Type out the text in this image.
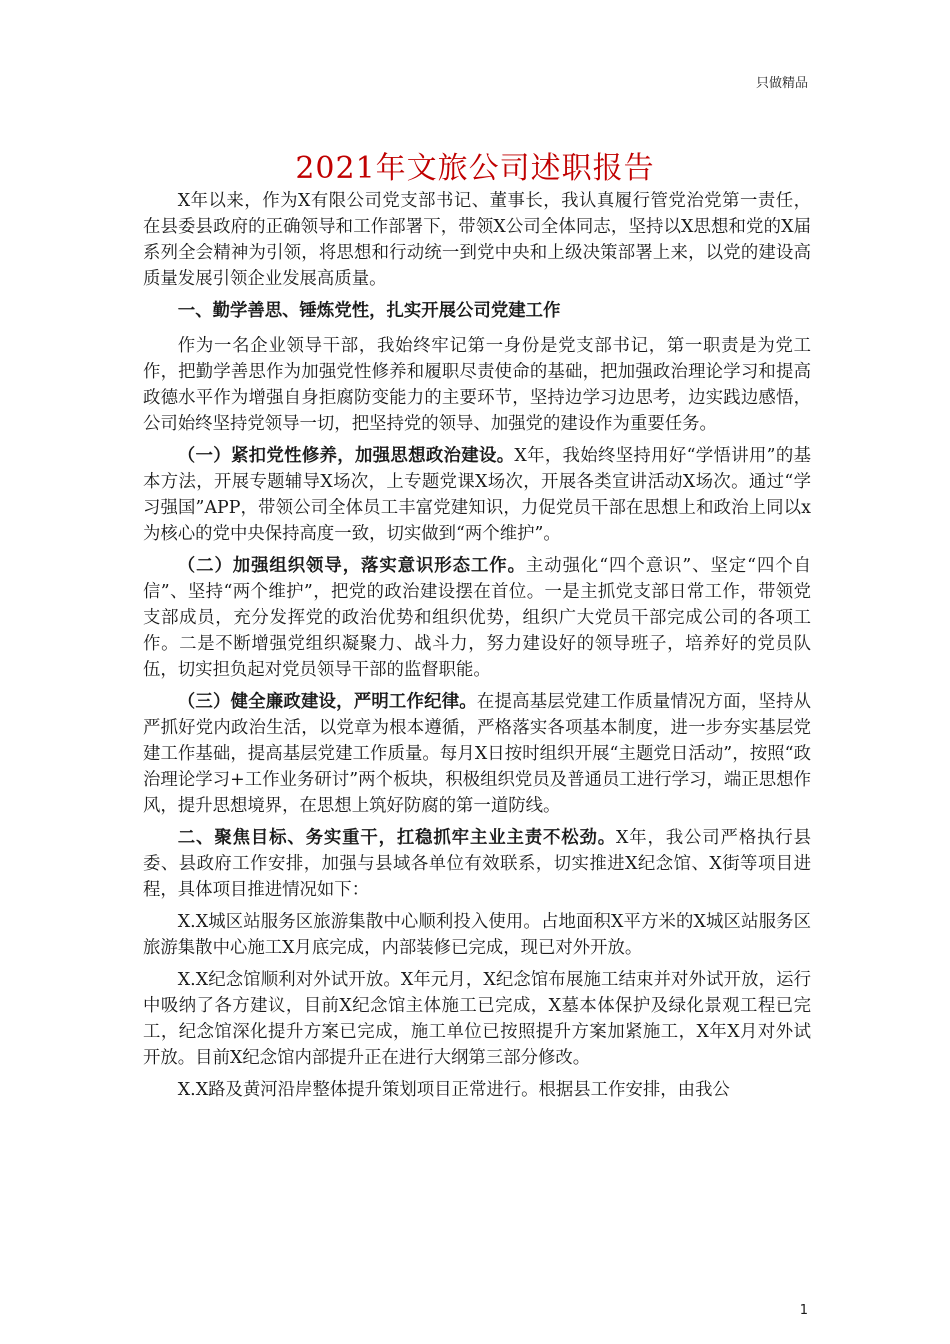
只做精品
2021年文旅公司述职报告

X年以来，作为X有限公司党支部书记、董事长，我认真履行管党治党第一责任，在县委县政府的正确领导和工作部署下，带领X公司全体同志，坚持以X思想和党的X届系列全会精神为引领，将思想和行动统一到党中央和上级决策部署上来，以党的建设高质量发展引领企业发展高质量。

一、勤学善思、锤炼党性，扎实开展公司党建工作

作为一名企业领导干部，我始终牢记第一身份是党支部书记，第一职责是为党工作，把勤学善思作为加强党性修养和履职尽责使命的基础，把加强政治理论学习和提高政德水平作为增强自身拒腐防变能力的主要环节，坚持边学习边思考，边实践边感悟，公司始终坚持党领导一切，把坚持党的领导、加强党的建设作为重要任务。

（一）紧扣党性修养，加强思想政治建设。X年，我始终坚持用好“学悟讲用”的基本方法，开展专题辅导X场次，上专题党课X场次，开展各类宣讲活动X场次。通过“学习强国”APP，带领公司全体员工丰富党建知识，力促党员干部在思想上和政治上同以x为核心的党中央保持高度一致，切实做到“两个维护”。

（二）加强组织领导，落实意识形态工作。主动强化“四个意识”、坚定“四个自信”、坚持“两个维护”，把党的政治建设摆在首位。一是主抓党支部日常工作，带领党支部成员，充分发挥党的政治优势和组织优势，组织广大党员干部完成公司的各项工作。二是不断增强党组织凝聚力、战斗力，努力建设好的领导班子，培养好的党员队伍，切实担负起对党员领导干部的监督职能。

（三）健全廉政建设，严明工作纪律。在提高基层党建工作质量情况方面，坚持从严抓好党内政治生活，以党章为根本遵循，严格落实各项基本制度，进一步夯实基层党建工作基础，提高基层党建工作质量。每月X日按时组织开展“主题党日活动”，按照“政治理论学习+工作业务研讨”两个板块，积极组织党员及普通员工进行学习，端正思想作风，提升思想境界，在思想上筑好防腐的第一道防线。

二、聚焦目标、务实重干，扛稳抓牢主业主责不松劲。X年，我公司严格执行县委、县政府工作安排，加强与县域各单位有效联系，切实推进X纪念馆、X街等项目进程，具体项目推进情况如下：

X.X城区站服务区旅游集散中心顺利投入使用。占地面积X平方米的X城区站服务区旅游集散中心施工X月底完成，内部装修已完成，现已对外开放。

X.X纪念馆顺利对外试开放。X年元月，X纪念馆布展施工结束并对外试开放，运行中吸纳了各方建议，目前X纪念馆主体施工已完成，X墓本体保护及绿化景观工程已完工，纪念馆深化提升方案已完成，施工单位已按照提升方案加紧施工，X年X月对外试开放。目前X纪念馆内部提升正在进行大纲第三部分修改。

X.X路及黄河沿岸整体提升策划项目正常进行。根据县工作安排，由我公

1
